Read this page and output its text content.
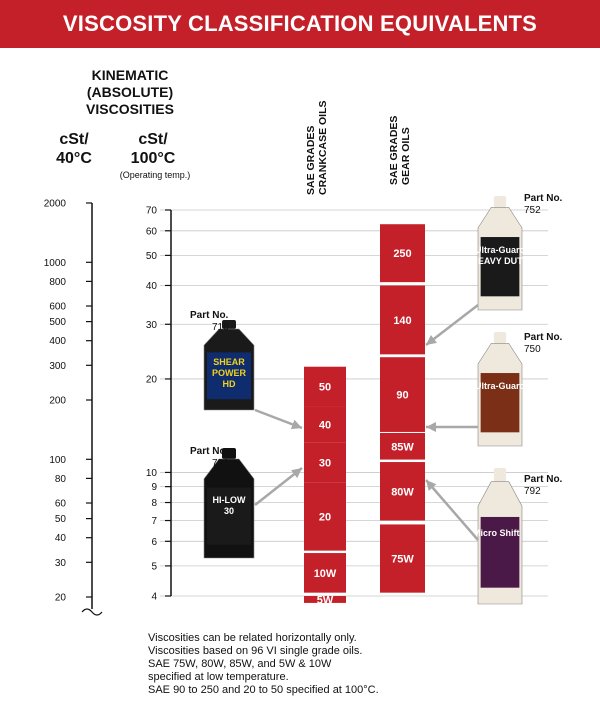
VISCOSITY CLASSIFICATION EQUIVALENTS
2000
1000
800
600
500
400
300
200
100
80
60
50
40
30
20
70
60
50
40
30
20
10
9
8
7
6
5
4
50
40
30
20
10W
5W
250
140
90
85W
80W
75W
SHEAR
POWER
HD
HI-LOW
30
Ultra-Guard
HEAVY DUTY
Ultra-Guard
Micro Shift II
KINEMATIC
(ABSOLUTE)
VISCOSITIES
cSt/
40°C
cSt/
100°C
(Operating temp.)	SAE GRADES CRANKCASE OILS	SAE GRADES GEAR OILS
Part No.
716
Part No.
730
Part No.
752
Part No.
750
Part No.
792
Viscosities can be related horizontally only.
Viscosities based on 96 VI single grade oils.
SAE 75W, 80W, 85W, and 5W & 10W
specified at low temperature.
SAE 90 to 250 and 20 to 50 specified at 100°C.
